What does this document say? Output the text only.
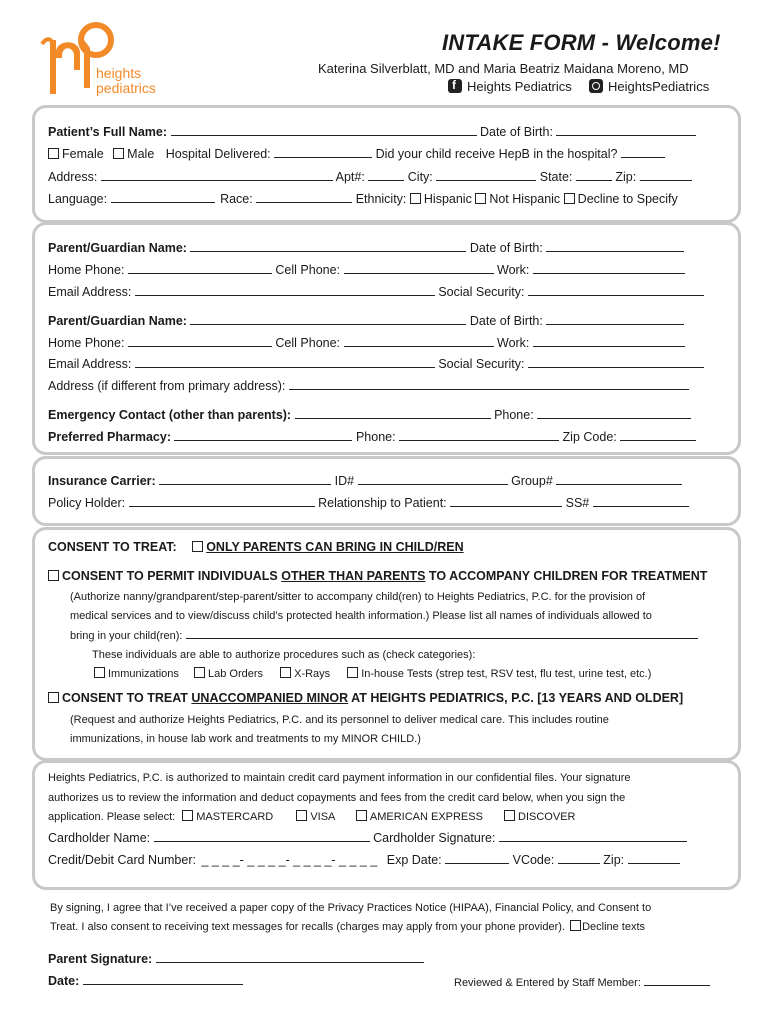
heights
pediatrics
INTAKE FORM - Welcome!
Katerina Silverblatt, MD and Maria Beatriz Maidana Moreno, MD
fHeights Pediatrics	HeightsPediatrics
Patient’s Full Name:	Date of Birth:
Female Male Hospital Delivered:	Did your child receive HepB in the hospital?
Address:	Apt#:	City:	State:	Zip:
Language:	Race:	Ethnicity: Hispanic Not Hispanic Decline to Specify
Parent/Guardian Name:	Date of Birth:
Home Phone:	Cell Phone:	Work:
Email Address:	Social Security:
Parent/Guardian Name:	Date of Birth:
Home Phone:	Cell Phone:	Work:
Email Address:	Social Security:
Address (if different from primary address):
Emergency Contact (other than parents):	Phone:
Preferred Pharmacy:	Phone:	Zip Code:
Insurance Carrier:	ID#	Group#
Policy Holder:	Relationship to Patient:	SS#
CONSENT TO TREAT: ONLY PARENTS CAN BRING IN CHILD/REN
CONSENT TO PERMIT INDIVIDUALS OTHER THAN PARENTS TO ACCOMPANY CHILDREN FOR TREATMENT
(Authorize nanny/grandparent/step-parent/sitter to accompany child(ren) to Heights Pediatrics, P.C. for the provision of
medical services and to view/discuss child’s protected health information.) Please list all names of individuals allowed to
bring in your child(ren):
These individuals are able to authorize procedures such as (check categories):
Immunizations	Lab Orders	X-Rays	In-house Tests (strep test, RSV test, flu test, urine test, etc.)
CONSENT TO TREAT UNACCOMPANIED MINOR AT HEIGHTS PEDIATRICS, P.C. [13 YEARS AND OLDER]
(Request and authorize Heights Pediatrics, P.C. and its personnel to deliver medical care. This includes routine
immunizations, in house lab work and treatments to my MINOR CHILD.)
Heights Pediatrics, P.C. is authorized to maintain credit card payment information in our confidential files. Your signature
authorizes us to review the information and deduct copayments and fees from the credit card below, when you sign the
application. Please select: MASTERCARD	VISA	AMERICAN EXPRESS	DISCOVER
Cardholder Name:	Cardholder Signature:
Credit/Debit Card Number: _ _ _ _- _ _ _ _- _ _ _ _- _ _ _ _ Exp Date:	VCode:	Zip:
By signing, I agree that I’ve received a paper copy of the Privacy Practices Notice (HIPAA), Financial Policy, and Consent to
Treat. I also consent to receiving text messages for recalls (charges may apply from your phone provider). Decline texts
Parent Signature:
Date:	Reviewed & Entered by Staff Member:
